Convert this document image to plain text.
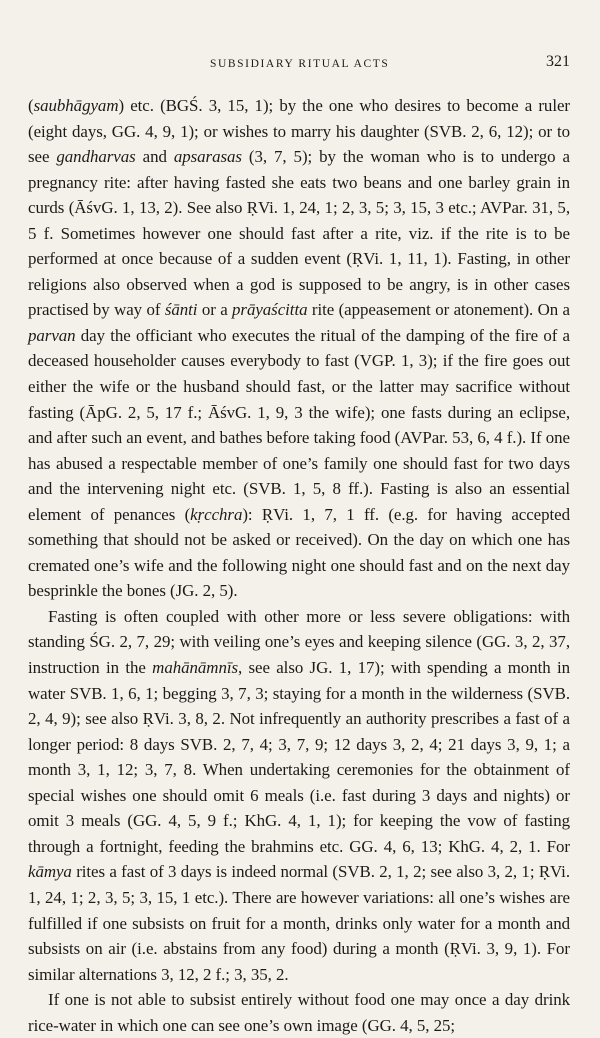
SUBSIDIARY RITUAL ACTS	321

(saubhāgyam) etc. (BGŚ. 3, 15, 1); by the one who desires to become a ruler (eight days, GG. 4, 9, 1); or wishes to marry his daughter (SVB. 2, 6, 12); or to see gandharvas and apsarasas (3, 7, 5); by the woman who is to undergo a pregnancy rite: after having fasted she eats two beans and one barley grain in curds (ĀśvG. 1, 13, 2). See also ṚVi. 1, 24, 1; 2, 3, 5; 3, 15, 3 etc.; AVPar. 31, 5, 5 f. Sometimes however one should fast after a rite, viz. if the rite is to be performed at once because of a sudden event (ṚVi. 1, 11, 1). Fasting, in other religions also observed when a god is supposed to be angry, is in other cases practised by way of śānti or a prāyaścitta rite (appeasement or atonement). On a parvan day the officiant who executes the ritual of the damping of the fire of a deceased householder causes everybody to fast (VGP. 1, 3); if the fire goes out either the wife or the husband should fast, or the latter may sacrifice without fasting (ĀpG. 2, 5, 17 f.; ĀśvG. 1, 9, 3 the wife); one fasts during an eclipse, and after such an event, and bathes before taking food (AVPar. 53, 6, 4 f.). If one has abused a respectable member of one’s family one should fast for two days and the intervening night etc. (SVB. 1, 5, 8 ff.). Fasting is also an essential element of penances (kṛcchra): ṚVi. 1, 7, 1 ff. (e.g. for having accepted something that should not be asked or received). On the day on which one has cremated one’s wife and the following night one should fast and on the next day besprinkle the bones (JG. 2, 5).

Fasting is often coupled with other more or less severe obligations: with standing ŚG. 2, 7, 29; with veiling one’s eyes and keeping silence (GG. 3, 2, 37, instruction in the mahānāmnīs, see also JG. 1, 17); with spending a month in water SVB. 1, 6, 1; begging 3, 7, 3; staying for a month in the wilderness (SVB. 2, 4, 9); see also ṚVi. 3, 8, 2. Not infrequently an authority prescribes a fast of a longer period: 8 days SVB. 2, 7, 4; 3, 7, 9; 12 days 3, 2, 4; 21 days 3, 9, 1; a month 3, 1, 12; 3, 7, 8. When undertaking ceremonies for the obtainment of special wishes one should omit 6 meals (i.e. fast during 3 days and nights) or omit 3 meals (GG. 4, 5, 9 f.; KhG. 4, 1, 1); for keeping the vow of fasting through a fortnight, feeding the brahmins etc. GG. 4, 6, 13; KhG. 4, 2, 1. For kāmya rites a fast of 3 days is indeed normal (SVB. 2, 1, 2; see also 3, 2, 1; ṚVi. 1, 24, 1; 2, 3, 5; 3, 15, 1 etc.). There are however variations: all one’s wishes are fulfilled if one subsists on fruit for a month, drinks only water for a month and subsists on air (i.e. abstains from any food) during a month (ṚVi. 3, 9, 1). For similar alternations 3, 12, 2 f.; 3, 35, 2.

If one is not able to subsist entirely without food one may once a day drink rice-water in which one can see one’s own image (GG. 4, 5, 25;
